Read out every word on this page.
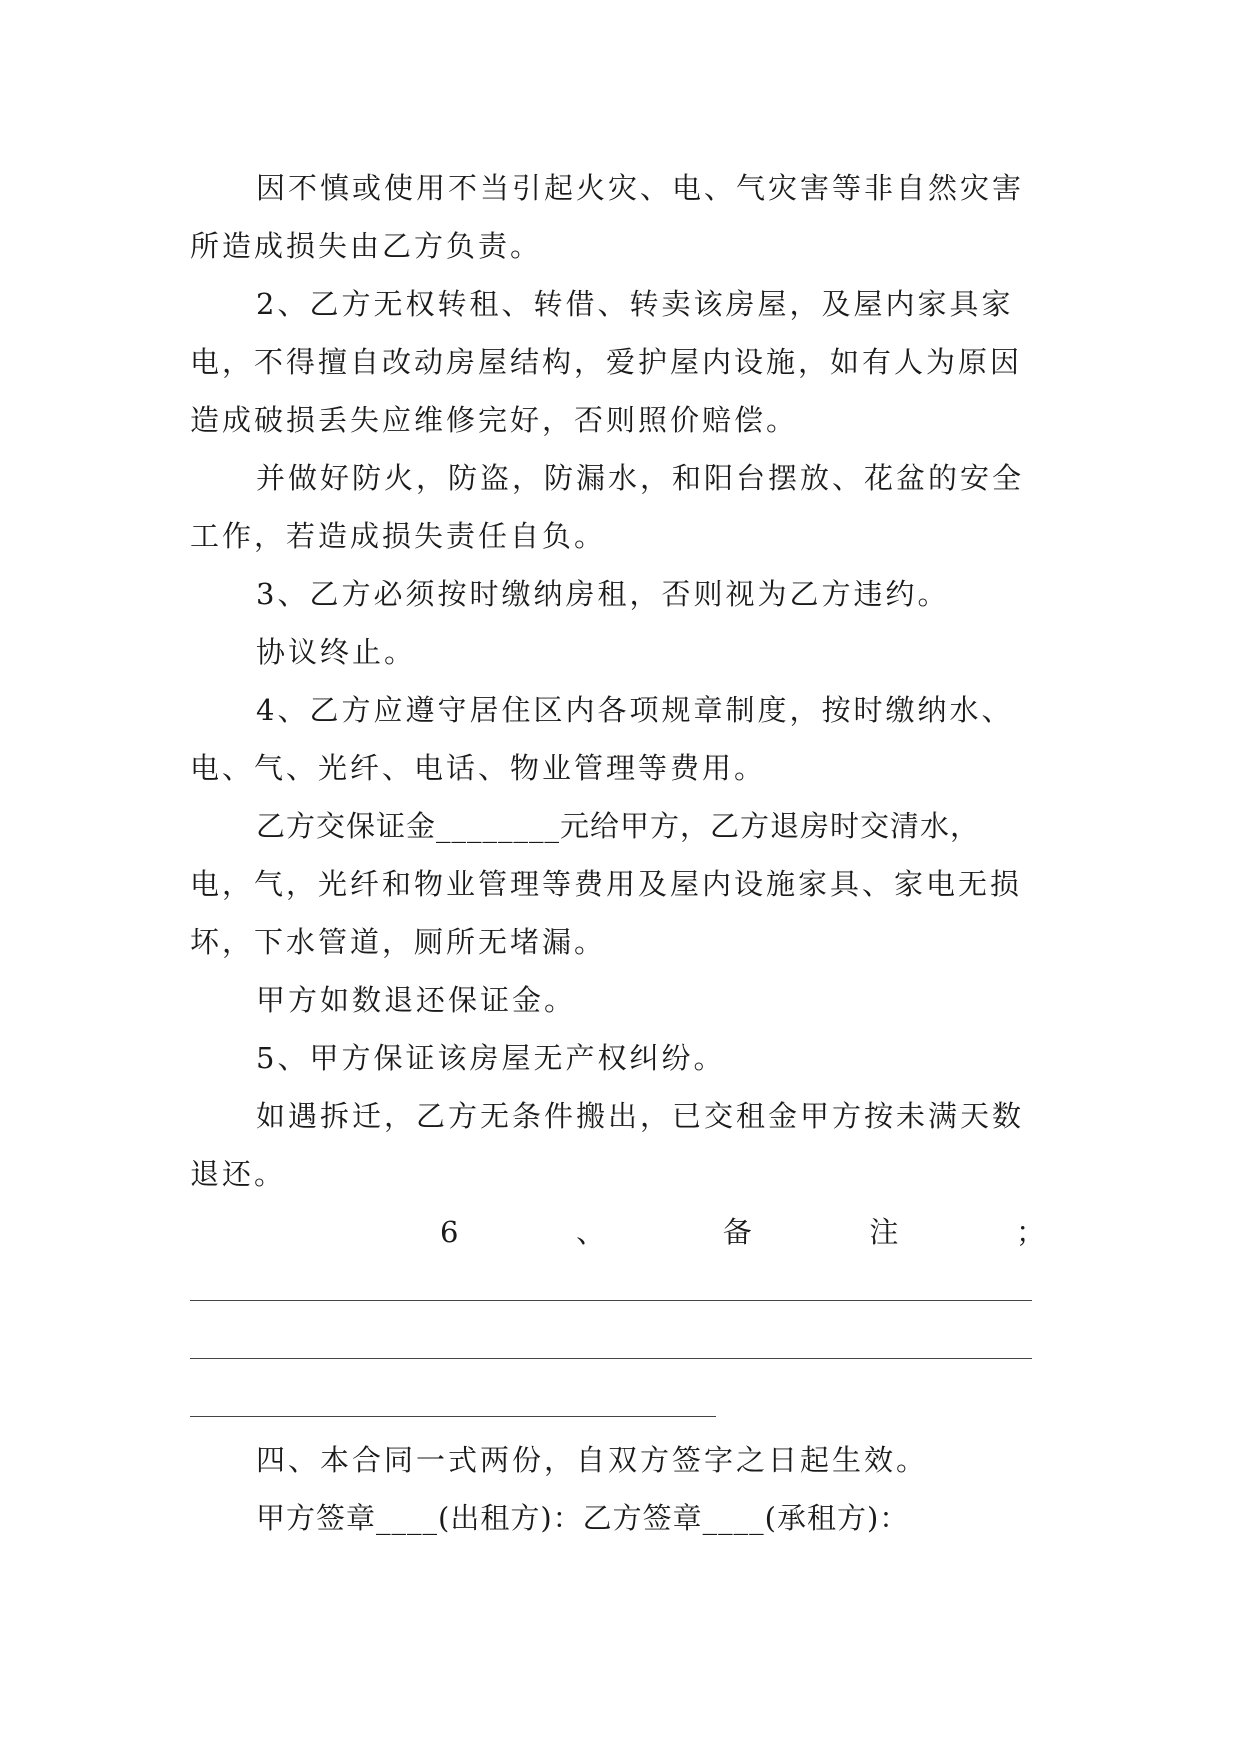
因不慎或使用不当引起火灾、电、气灾害等非自然灾害
所造成损失由乙方负责。
2、乙方无权转租、转借、转卖该房屋，及屋内家具家
电，不得擅自改动房屋结构，爱护屋内设施，如有人为原因
造成破损丢失应维修完好，否则照价赔偿。
并做好防火，防盗，防漏水，和阳台摆放、花盆的安全
工作，若造成损失责任自负。
3、乙方必须按时缴纳房租，否则视为乙方违约。
协议终止。
4、乙方应遵守居住区内各项规章制度，按时缴纳水、
电、气、光纤、电话、物业管理等费用。
乙方交保证金________元给甲方，乙方退房时交清水，
电，气，光纤和物业管理等费用及屋内设施家具、家电无损
坏，下水管道，厕所无堵漏。
甲方如数退还保证金。
5、甲方保证该房屋无产权纠纷。
如遇拆迁，乙方无条件搬出，已交租金甲方按未满天数
退还。
6	、	备	注	；
四、本合同一式两份，自双方签字之日起生效。
甲方签章____(出租方)：乙方签章____(承租方)：
